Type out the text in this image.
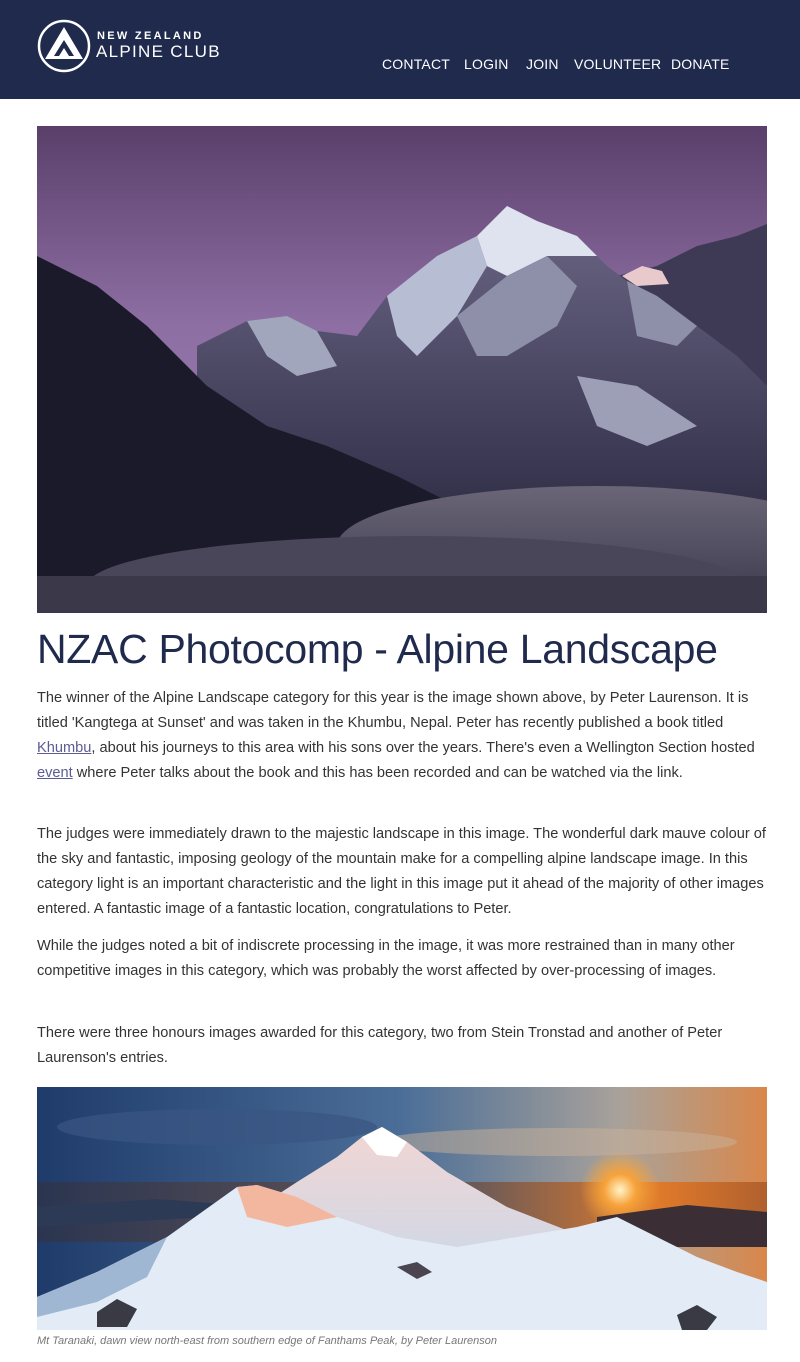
NEW ZEALAND
ALPINE CLUB
CONTACT LOGIN JOIN VOLUNTEER DONATE
NZAC Photocomp - Alpine Landscape

The winner of the Alpine Landscape category for this year is the image shown above, by Peter Laurenson. It is titled 'Kangtega at Sunset' and was taken in the Khumbu, Nepal. Peter has recently published a book titled Khumbu, about his journeys to this area with his sons over the years. There's even a Wellington Section hosted event where Peter talks about the book and this has been recorded and can be watched via the link.

The judges were immediately drawn to the majestic landscape in this image. The wonderful dark mauve colour of the sky and fantastic, imposing geology of the mountain make for a compelling alpine landscape image. In this category light is an important characteristic and the light in this image put it ahead of the majority of other images entered. A fantastic image of a fantastic location, congratulations to Peter.

While the judges noted a bit of indiscrete processing in the image, it was more restrained than in many other competitive images in this category, which was probably the worst affected by over-processing of images.

There were three honours images awarded for this category, two from Stein Tronstad and another of Peter Laurenson's entries.

Mt Taranaki, dawn view north-east from southern edge of Fanthams Peak, by Peter Laurenson
